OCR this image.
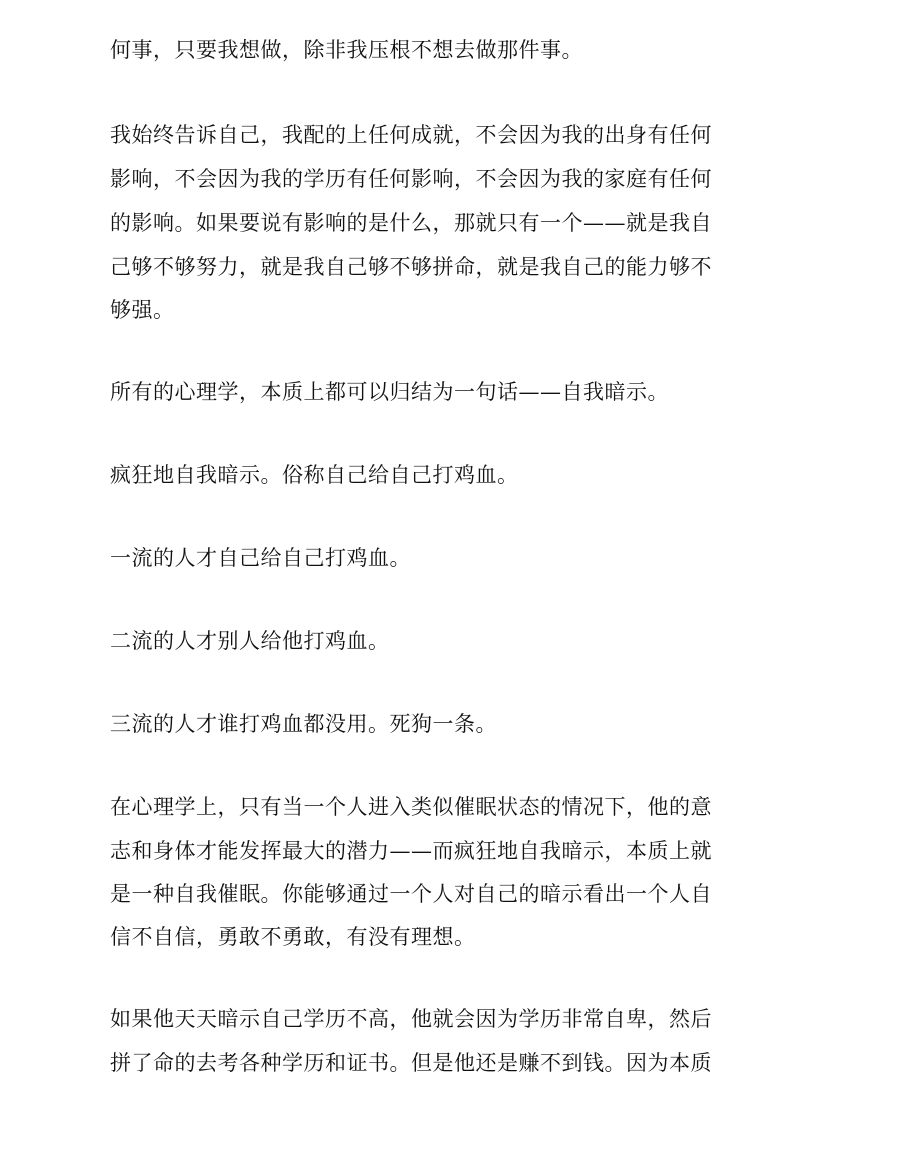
何事，只要我想做，除非我压根不想去做那件事。
我始终告诉自己，我配的上任何成就，不会因为我的出身有任何
影响，不会因为我的学历有任何影响，不会因为我的家庭有任何
的影响。如果要说有影响的是什么，那就只有一个——就是我自
己够不够努力，就是我自己够不够拼命，就是我自己的能力够不
够强。
所有的心理学，本质上都可以归结为一句话——自我暗示。
疯狂地自我暗示。俗称自己给自己打鸡血。
一流的人才自己给自己打鸡血。
二流的人才别人给他打鸡血。
三流的人才谁打鸡血都没用。死狗一条。
在心理学上，只有当一个人进入类似催眠状态的情况下，他的意
志和身体才能发挥最大的潜力——而疯狂地自我暗示，本质上就
是一种自我催眠。你能够通过一个人对自己的暗示看出一个人自
信不自信，勇敢不勇敢，有没有理想。
如果他天天暗示自己学历不高，他就会因为学历非常自卑，然后
拼了命的去考各种学历和证书。但是他还是赚不到钱。因为本质
